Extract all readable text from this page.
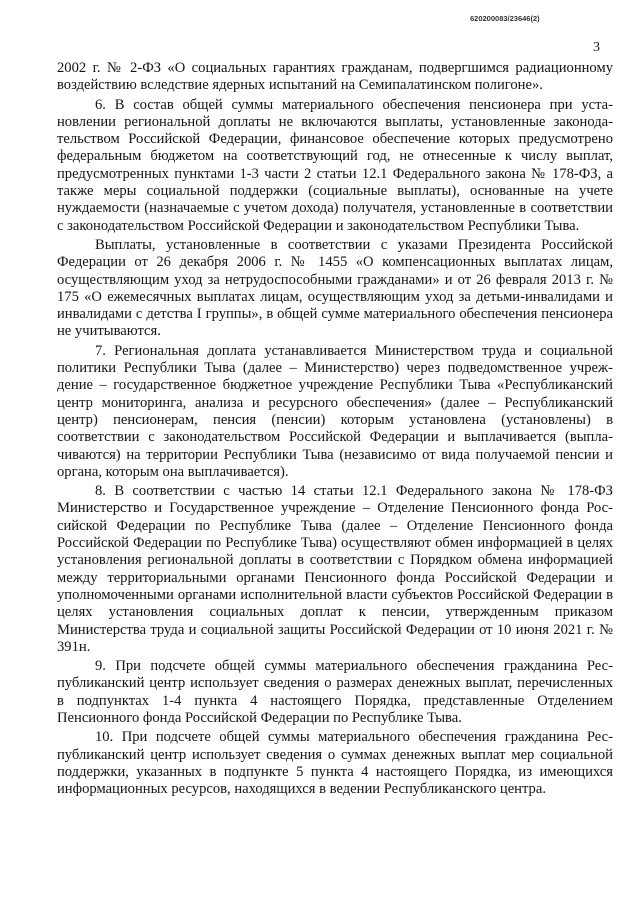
620200083/23646(2)
3

2002 г. № 2-ФЗ «О социальных гарантиях гражданам, подвергшимся радиационному воздействию вследствие ядерных испытаний на Семипалатинском полигоне».

6. В состав общей суммы материального обеспечения пенсионера при установлении региональной доплаты не включаются выплаты, установленные законодательством Российской Федерации, финансовое обеспечение которых предусмотрено федеральным бюджетом на соответствующий год, не отнесенные к числу выплат, предусмотренных пунктами 1-3 части 2 статьи 12.1 Федерального закона № 178-ФЗ, а также меры социальной поддержки (социальные выплаты), основанные на учете нуждаемости (назначаемые с учетом дохода) получателя, установленные в соответствии с законодательством Российской Федерации и законодательством Республики Тыва.

Выплаты, установленные в соответствии с указами Президента Российской Федерации от 26 декабря 2006 г. № 1455 «О компенсационных выплатах лицам, осуществляющим уход за нетрудоспособными гражданами» и от 26 февраля 2013 г. № 175 «О ежемесячных выплатах лицам, осуществляющим уход за детьми-инвалидами и инвалидами с детства I группы», в общей сумме материального обеспечения пенсионера не учитываются.

7. Региональная доплата устанавливается Министерством труда и социальной политики Республики Тыва (далее – Министерство) через подведомственное учреждение – государственное бюджетное учреждение Республики Тыва «Республиканский центр мониторинга, анализа и ресурсного обеспечения» (далее – Республиканский центр) пенсионерам, пенсия (пенсии) которым установлена (установлены) в соответствии с законодательством Российской Федерации и выплачивается (выплачиваются) на территории Республики Тыва (независимо от вида получаемой пенсии и органа, которым она выплачивается).

8. В соответствии с частью 14 статьи 12.1 Федерального закона № 178-ФЗ Министерство и Государственное учреждение – Отделение Пенсионного фонда Российской Федерации по Республике Тыва (далее – Отделение Пенсионного фонда Российской Федерации по Республике Тыва) осуществляют обмен информацией в целях установления региональной доплаты в соответствии с Порядком обмена информацией между территориальными органами Пенсионного фонда Российской Федерации и уполномоченными органами исполнительной власти субъектов Российской Федерации в целях установления социальных доплат к пенсии, утвержденным приказом Министерства труда и социальной защиты Российской Федерации от 10 июня 2021 г. № 391н.

9. При подсчете общей суммы материального обеспечения гражданина Республиканский центр использует сведения о размерах денежных выплат, перечисленных в подпунктах 1-4 пункта 4 настоящего Порядка, представленные Отделением Пенсионного фонда Российской Федерации по Республике Тыва.

10. При подсчете общей суммы материального обеспечения гражданина Республиканский центр использует сведения о суммах денежных выплат мер социальной поддержки, указанных в подпункте 5 пункта 4 настоящего Порядка, из имеющихся информационных ресурсов, находящихся в ведении Республиканского центра.
